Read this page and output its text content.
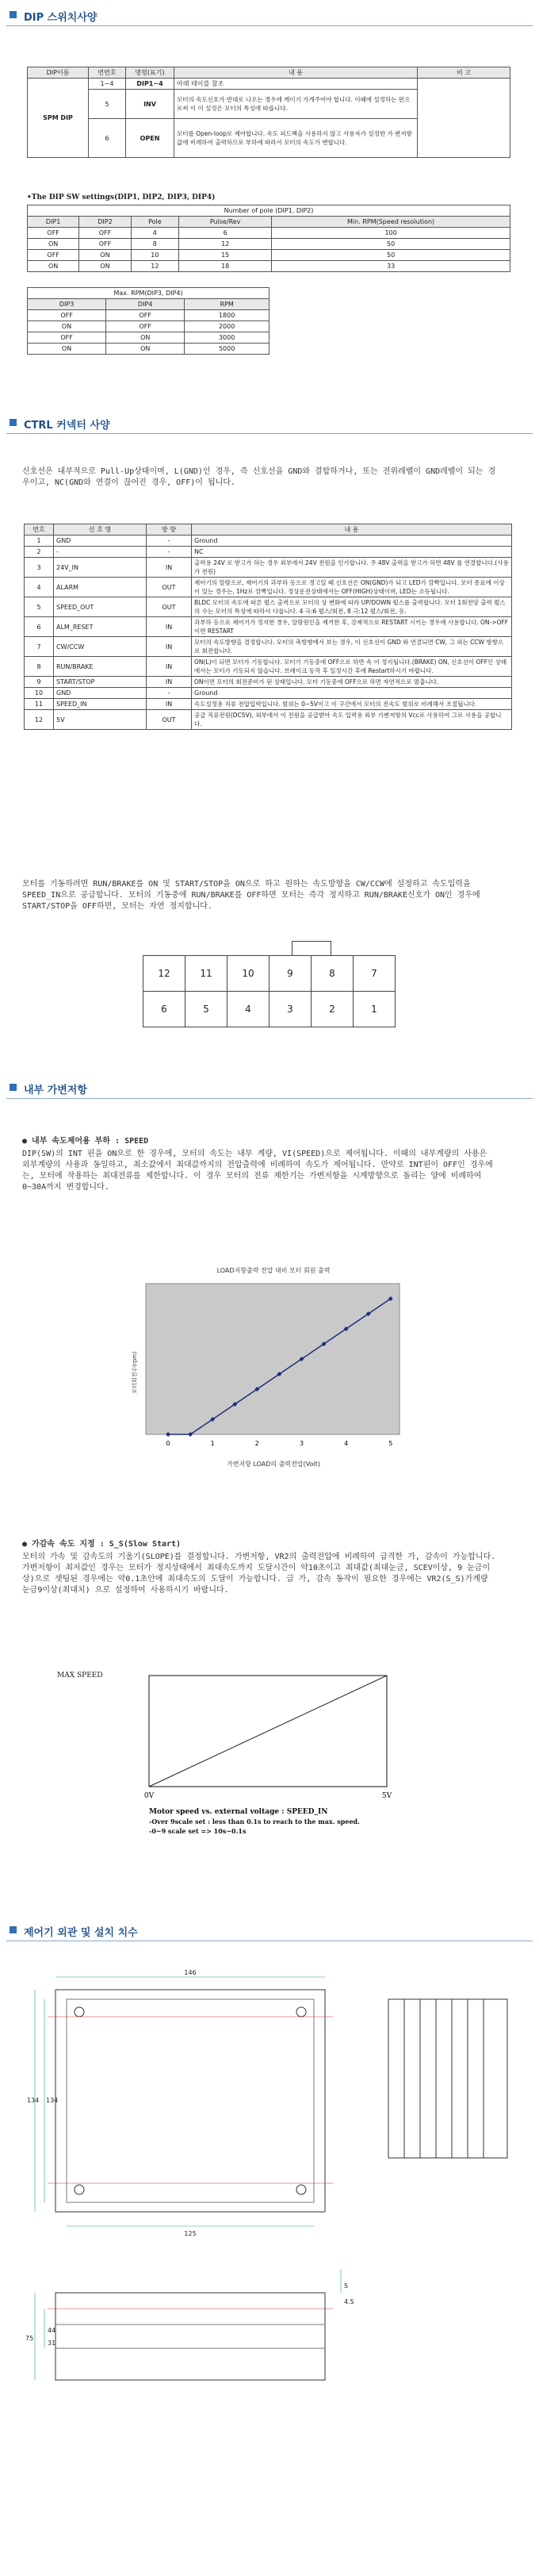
DIP 스위치사양
DIP이름	번번호	명령(표기)	내 용	비 고
SPM DIP	1~4	DIP1~4	아래 테이블 참조	
	5	INV	모터의 속도신호가 반대로 나오는 경우에 케이기 가게주어야 합니다. 이때에 설정하는 펀으로써 이 이 설정은 모터의 특성에 따릅니다.	
	6	OPEN	모터를 Open-loop로 제어합니다. 속도 피드백을 사용하지 않고 사용자가 설정한 가 변저항 값에 비례하여 출력하므로 부하에 따라서 모터의 속도가 변합니다.	
•The DIP SW settings(DIP1, DIP2, DIP3, DIP4)
Number of pole (DIP1, DIP2)				
DIP1	DIP2	Pole	Pulse/Rev	Min. RPM(Speed resolution)
OFF	OFF	4	6	100
ON	OFF	8	12	50
OFF	ON	10	15	50
ON	ON	12	18	33
Max. RPM(DIP3, DIP4)		
DIP3	DIP4	RPM
OFF	OFF	1800
ON	OFF	2000
OFF	ON	3000
ON	ON	5000
CTRL 커넥터 사양
신호선은 내부적으로 Pull-Up상태이며, L(GND)인 경우, 즉 신호선을 GND와 결합하거나, 또는 전위레벨이 GND레벨이 되는 경우이고, NC(GND와 연결이 끊어진 경우, OFF)이 됩니다.
번호	신 호 명	방 향	내 용
1	GND	-	Ground
2	-	-	NC
3	24V_IN	IN	출력용 24V 로 받고가 하는 경우 외부에서 24V 전원을 인가합니다. 주 48V 출력을 받고가 하면 48V 를 연결합니다.(사용가 전원)
4	ALARM	OUT	제어기의 알람으로, 제어기의 과부하 등으로 경고일 때 신호선은 ON(GND)가 되고 LED가 깜빡입니다. 모터 종료에 이상이 있는 경우는, 1Hz로 깜빡입니다. 정상운전상태에서는 OFF(HIGH)상태이며, LED는 소등됩니다.
5	SPEED_OUT	OUT	BLDC 모터의 속도에 따른 펄스 출력으로 모터의 상 변화에 따라 UP/DOWN 펄스를 출력합니다. 모터 1회전당 출력 펄스의 수는 모터의 특성에 따라서 다릅니다. 4 극:6 펄스/회전, 8 극:12 펄스/회전, 등.
6	ALM_RESET	IN	과부하 등으로 제어기가 정지한 경우, 알람원인을 제거한 후, 강제적으로 RESTART 시키는 경우에 사용합니다. ON->OFF이면 RESTART
7	CW/CCW	IN	모터의 속도방향을 결정합니다. 모터의 축방향에서 보는 경우, 이 신호선이 GND 와 연결되면 CW, 그 외는 CCW 방향으로 회전합니다.
8	RUN/BRAKE	IN	ON(L)이 되면 모터가 기동합니다. 모터가 기동중에 OFF으로 하면 속 이 정지됩니다.(BRAKE) ON, 신호선이 OFF인 상태에서는 모터가 기동되지 않습니다. 브레이크 동작 후 일정시간 후에 Restart하시기 바랍니다.
9	START/STOP	IN	ON이면 모터의 회전준비가 된 상태입니다. 모터 기동중에 OFF으로 하면 자연적으로 멈춥니다.
10	GND	-	Ground
11	SPEED_IN	IN	속도설정용 직류 전압입력입니다. 범위는 0~5V이고 이 구간에서 모터의 전속도 범위로 비례해서 조절됩니다.
12	5V	OUT	공급 직류전원(DC5V), 외부에서 이 전원을 공급받아 속도 입력용 외부 가변저항의 Vcc로 사용하여 그로 사용을 공합니다.
모터를 기동하려면 RUN/BRAKE를 ON 및 START/STOP을 ON으로 하고 원하는 속도방향을 CW/CCW에 설정하고 속도입력을 SPEED_IN으로 공급합니다. 모터의 기동중에 RUN/BRAKE를 OFF하면 모터는 즉각 정지하고 RUN/BRAKE신호가 ON인 경우에 START/STOP을 OFF하면, 모터는 자연 정지합니다.
12	11	10	9	8	7
6	5	4	3	2	1
내부 가변저항
● 내부 속도제어용 부하 : SPEED
DIP(SW)의 INT 핀을 ON으로 한 경우에, 모터의 속도는 내부 계량, VI(SPEED)으로 제어됩니다. 이때의 내부계량의 사용은 외부계량의 사용과 동일하고, 최소값에서 최대값까지의 전압출력에 비례하여 속도가 제어됩니다. 만약로 INT핀이 OFF인 경우에는, 모터에 작용하는 최대전류를 제한합니다. 이 경우 모터의 전류 제한기는 가변저항을 시계방향으로 돌리는 양에 비례하여 0~30A까지 변경합니다.
LOAD저항출력 전압 대비 모터 회원 출력
모터회전수(rpm)
가변저항 LOAD의 출력전압(Volt)
0	1	2	3	4	5
● 가감속 속도 지정 : S_S(Slow Start)
모터의 가속 및 감속도의 기울기(SLOPE)를 결정합니다. 가변저항, VR2의 출력전압에 비례하여 급격한 가, 감속이 가능합니다. 가변저항이 최저값인 경우는 모터가 정지상태에서 최대속도까지 도달시간이 약10초이고 최대값(최대눈금, SCEV이상, 9 눈금이상)으로 셋팅된 경우에는 약0.1초안에 최대속도의 도달이 가능합니다. 급 가, 감속 동작이 필요한 경우에는 VR2(S_S)가계량 눈금9이상(최대치) 으로 설정하여 사용하시기 바랍니다.
MAX SPEED
0V	5V
Motor speed vs. external voltage : SPEED_IN
-Over 9scale set : less than 0.1s to reach to the max. speed.
-0~9 scale set => 10s~0.1s
제어기 외관 및 설치 치수
146
134 134
125
5
4.5
44
31
75
